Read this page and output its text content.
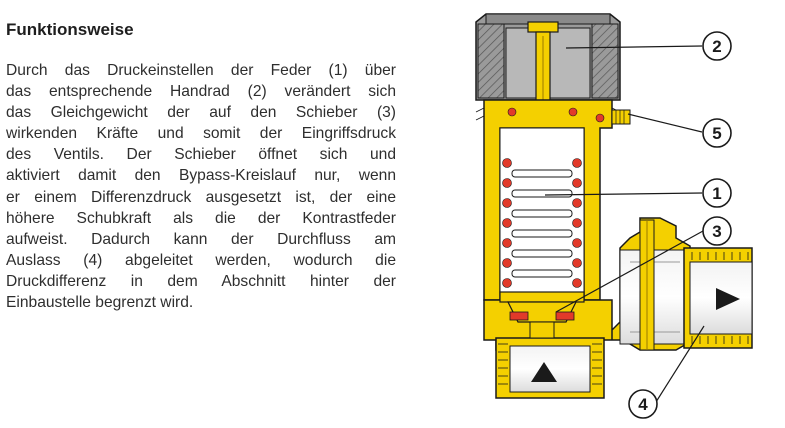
Funktionsweise

Durch das Druckeinstellen der Feder (1) über
das entsprechende Handrad (2) verändert sich
das Gleichgewicht der auf den Schieber (3)
wirkenden Kräfte und somit der Eingriffsdruck
des Ventils. Der Schieber öffnet sich und
aktiviert damit den Bypass-Kreislauf nur, wenn
er einem Differenzdruck ausgesetzt ist, der eine
höhere Schubkraft als die der Kontrastfeder
aufweist. Dadurch kann der Durchfluss am
Auslass (4) abgeleitet werden, wodurch die
Druckdifferenz in dem Abschnitt hinter der
Einbaustelle begrenzt wird.

2
5
1
3
4
